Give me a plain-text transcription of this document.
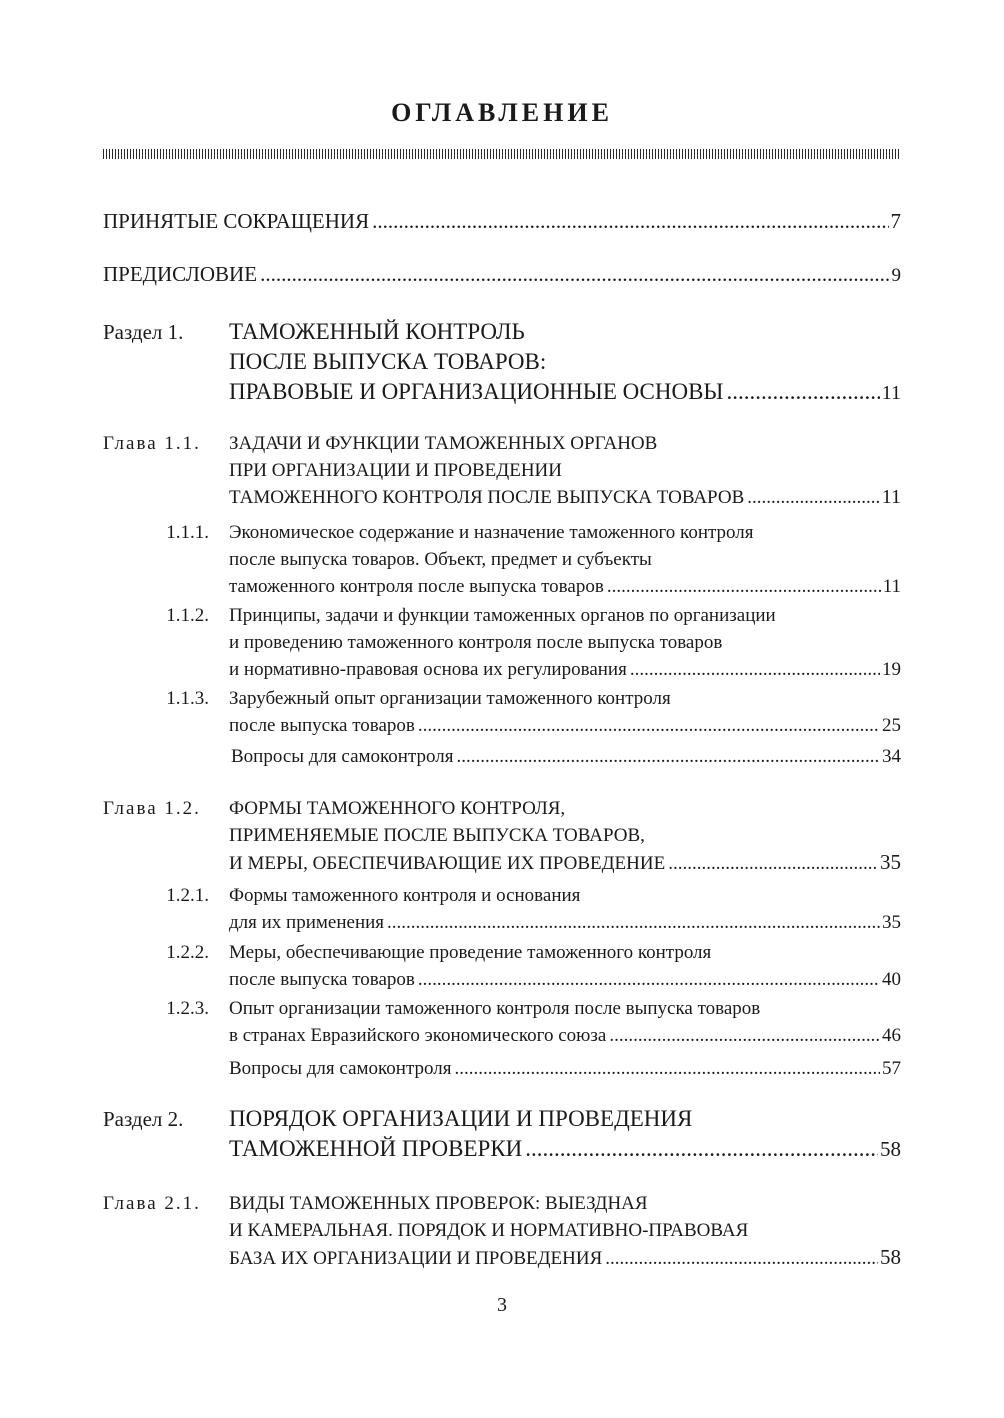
ОГЛАВЛЕНИЕ
ПРИНЯТЫЕ СОКРАЩЕНИЯ .....	7
ПРЕДИСЛОВИЕ .....	9
Раздел 1. ТАМОЖЕННЫЙ КОНТРОЛЬ
ПОСЛЕ ВЫПУСКА ТОВАРОВ:
ПРАВОВЫЕ И ОРГАНИЗАЦИОННЫЕ ОСНОВЫ .....	11
Глава 1.1. ЗАДАЧИ И ФУНКЦИИ ТАМОЖЕННЫХ ОРГАНОВ
ПРИ ОРГАНИЗАЦИИ И ПРОВЕДЕНИИ
ТАМОЖЕННОГО КОНТРОЛЯ ПОСЛЕ ВЫПУСКА ТОВАРОВ .....	11
1.1.1. Экономическое содержание и назначение таможенного контроля
после выпуска товаров. Объект, предмет и субъекты
таможенного контроля после выпуска товаров .....	11
1.1.2. Принципы, задачи и функции таможенных органов по организации
и проведению таможенного контроля после выпуска товаров
и нормативно-правовая основа их регулирования .....	19
1.1.3. Зарубежный опыт организации таможенного контроля
после выпуска товаров .....	25
Вопросы для самоконтроля .....	34
Глава 1.2. ФОРМЫ ТАМОЖЕННОГО КОНТРОЛЯ,
ПРИМЕНЯЕМЫЕ ПОСЛЕ ВЫПУСКА ТОВАРОВ,
И МЕРЫ, ОБЕСПЕЧИВАЮЩИЕ ИХ ПРОВЕДЕНИЕ .....	35
1.2.1. Формы таможенного контроля и основания
для их применения .....	35
1.2.2. Меры, обеспечивающие проведение таможенного контроля
после выпуска товаров .....	40
1.2.3. Опыт организации таможенного контроля после выпуска товаров
в странах Евразийского экономического союза .....	46
Вопросы для самоконтроля .....	57
Раздел 2. ПОРЯДОК ОРГАНИЗАЦИИ И ПРОВЕДЕНИЯ
ТАМОЖЕННОЙ ПРОВЕРКИ .....	58
Глава 2.1. ВИДЫ ТАМОЖЕННЫХ ПРОВЕРОК: ВЫЕЗДНАЯ
И КАМЕРАЛЬНАЯ. ПОРЯДОК И НОРМАТИВНО-ПРАВОВАЯ
БАЗА ИХ ОРГАНИЗАЦИИ И ПРОВЕДЕНИЯ .....	58
3
